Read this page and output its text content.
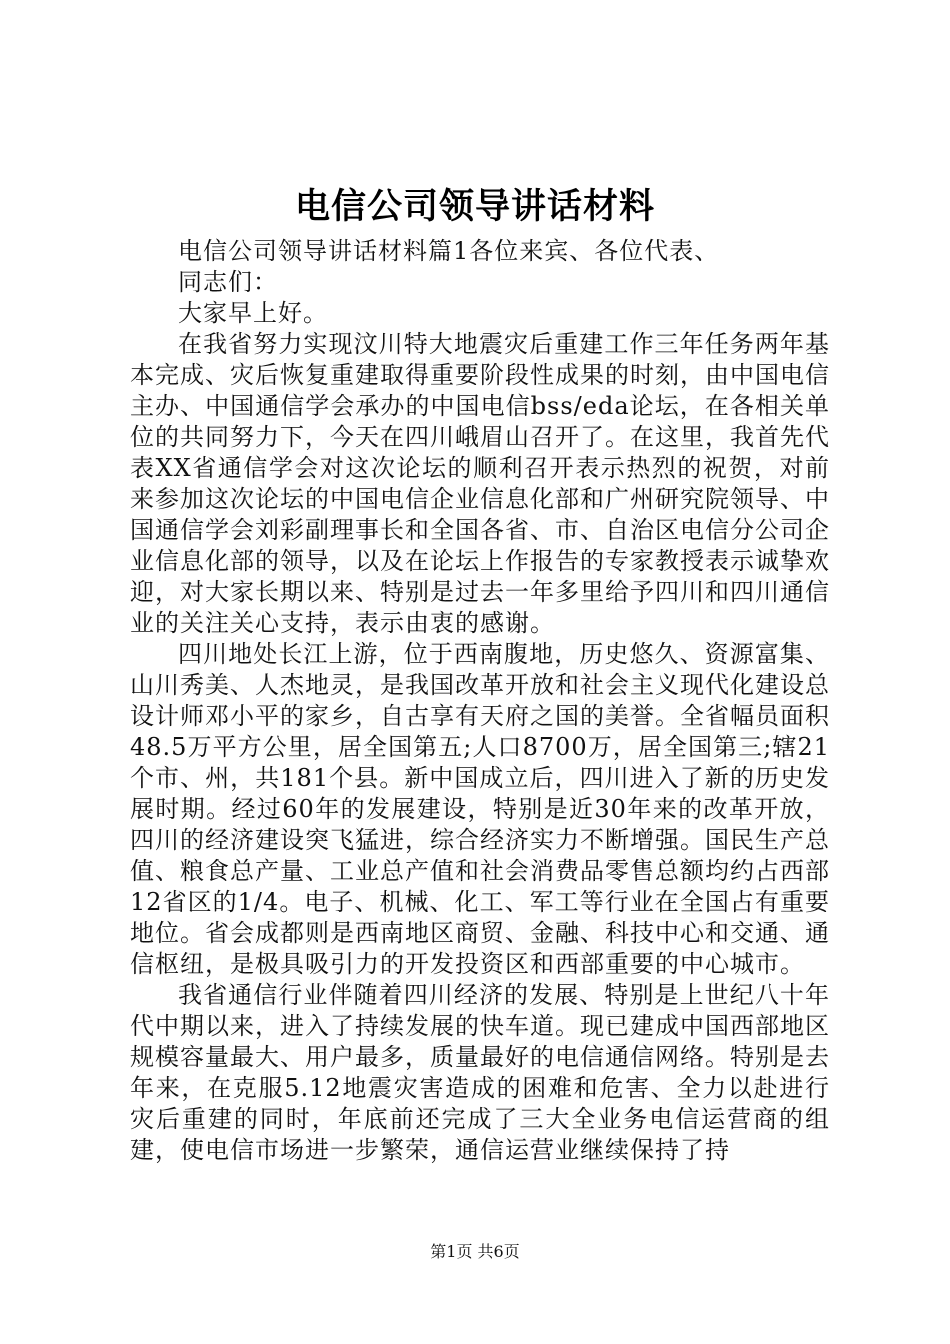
电信公司领导讲话材料

电信公司领导讲话材料篇1各位来宾、各位代表、

同志们：

大家早上好。

在我省努力实现汶川特大地震灾后重建工作三年任务两年基本完成、灾后恢复重建取得重要阶段性成果的时刻，由中国电信主办、中国通信学会承办的中国电信bss/eda论坛，在各相关单位的共同努力下，今天在四川峨眉山召开了。在这里，我首先代表XX省通信学会对这次论坛的顺利召开表示热烈的祝贺，对前来参加这次论坛的中国电信企业信息化部和广州研究院领导、中国通信学会刘彩副理事长和全国各省、市、自治区电信分公司企业信息化部的领导，以及在论坛上作报告的专家教授表示诚挚欢迎，对大家长期以来、特别是过去一年多里给予四川和四川通信业的关注关心支持，表示由衷的感谢。

四川地处长江上游，位于西南腹地，历史悠久、资源富集、山川秀美、人杰地灵，是我国改革开放和社会主义现代化建设总设计师邓小平的家乡，自古享有天府之国的美誉。全省幅员面积48.5万平方公里，居全国第五;人口8700万，居全国第三;辖21个市、州，共181个县。新中国成立后，四川进入了新的历史发展时期。经过60年的发展建设，特别是近30年来的改革开放，四川的经济建设突飞猛进，综合经济实力不断增强。国民生产总值、粮食总产量、工业总产值和社会消费品零售总额均约占西部12省区的1/4。电子、机械、化工、军工等行业在全国占有重要地位。省会成都则是西南地区商贸、金融、科技中心和交通、通信枢纽，是极具吸引力的开发投资区和西部重要的中心城市。

我省通信行业伴随着四川经济的发展、特别是上世纪八十年代中期以来，进入了持续发展的快车道。现已建成中国西部地区规模容量最大、用户最多，质量最好的电信通信网络。特别是去年来，在克服5.12地震灾害造成的困难和危害、全力以赴进行灾后重建的同时，年底前还完成了三大全业务电信运营商的组建，使电信市场进一步繁荣，通信运营业继续保持了持

第1页 共6页
